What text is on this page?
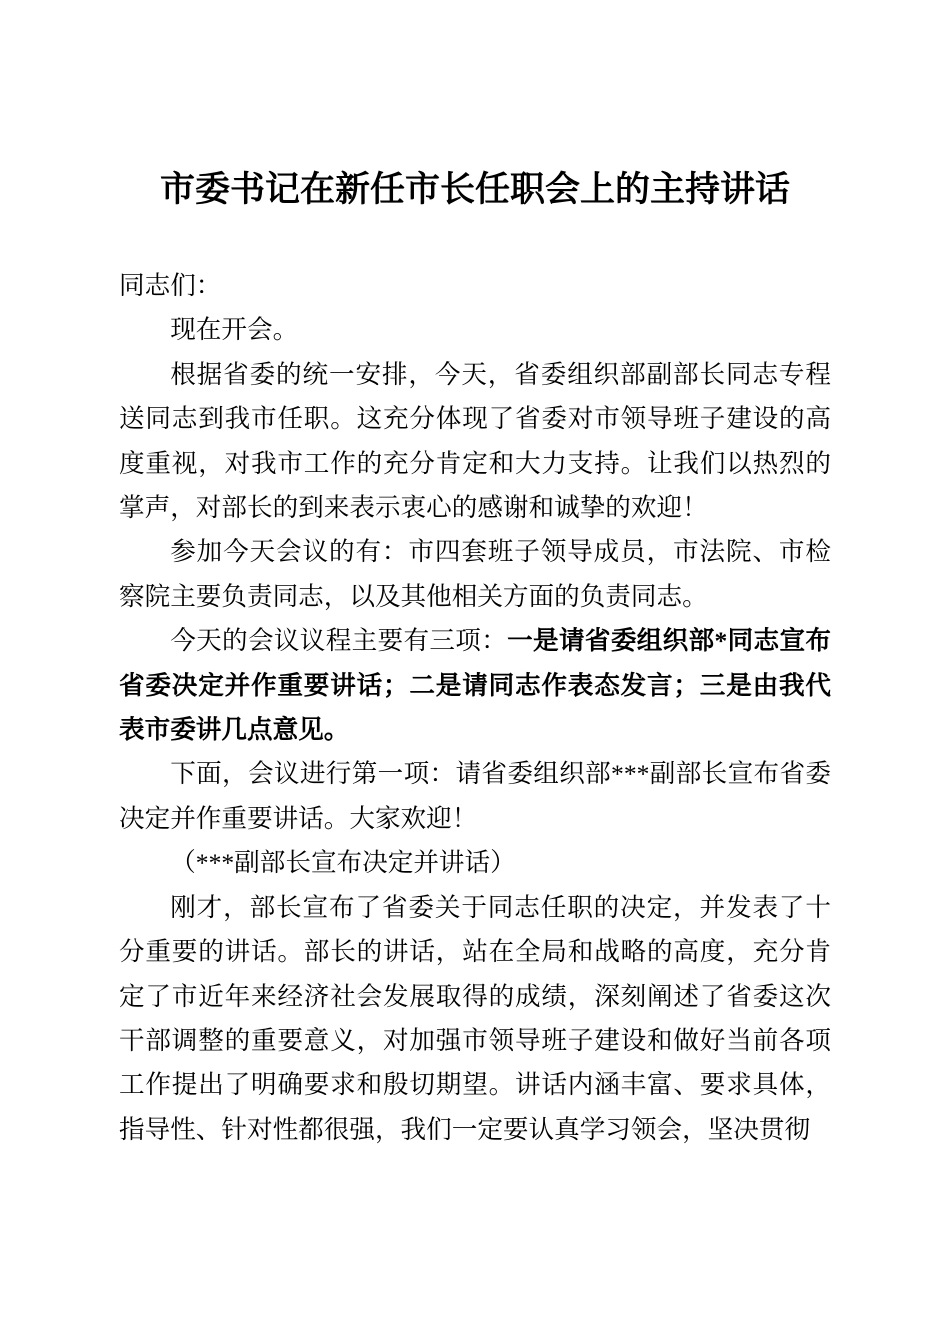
市委书记在新任市长任职会上的主持讲话

同志们：

现在开会。

根据省委的统一安排，今天，省委组织部副部长同志专程送同志到我市任职。这充分体现了省委对市领导班子建设的高度重视，对我市工作的充分肯定和大力支持。让我们以热烈的掌声，对部长的到来表示衷心的感谢和诚挚的欢迎！

参加今天会议的有：市四套班子领导成员，市法院、市检察院主要负责同志，以及其他相关方面的负责同志。

今天的会议议程主要有三项：一是请省委组织部*同志宣布省委决定并作重要讲话；二是请同志作表态发言；三是由我代表市委讲几点意见。

下面，会议进行第一项：请省委组织部***副部长宣布省委决定并作重要讲话。大家欢迎！

（***副部长宣布决定并讲话）

刚才，部长宣布了省委关于同志任职的决定，并发表了十分重要的讲话。部长的讲话，站在全局和战略的高度，充分肯定了市近年来经济社会发展取得的成绩，深刻阐述了省委这次干部调整的重要意义，对加强市领导班子建设和做好当前各项工作提出了明确要求和殷切期望。讲话内涵丰富、要求具体，指导性、针对性都很强，我们一定要认真学习领会，坚决贯彻
